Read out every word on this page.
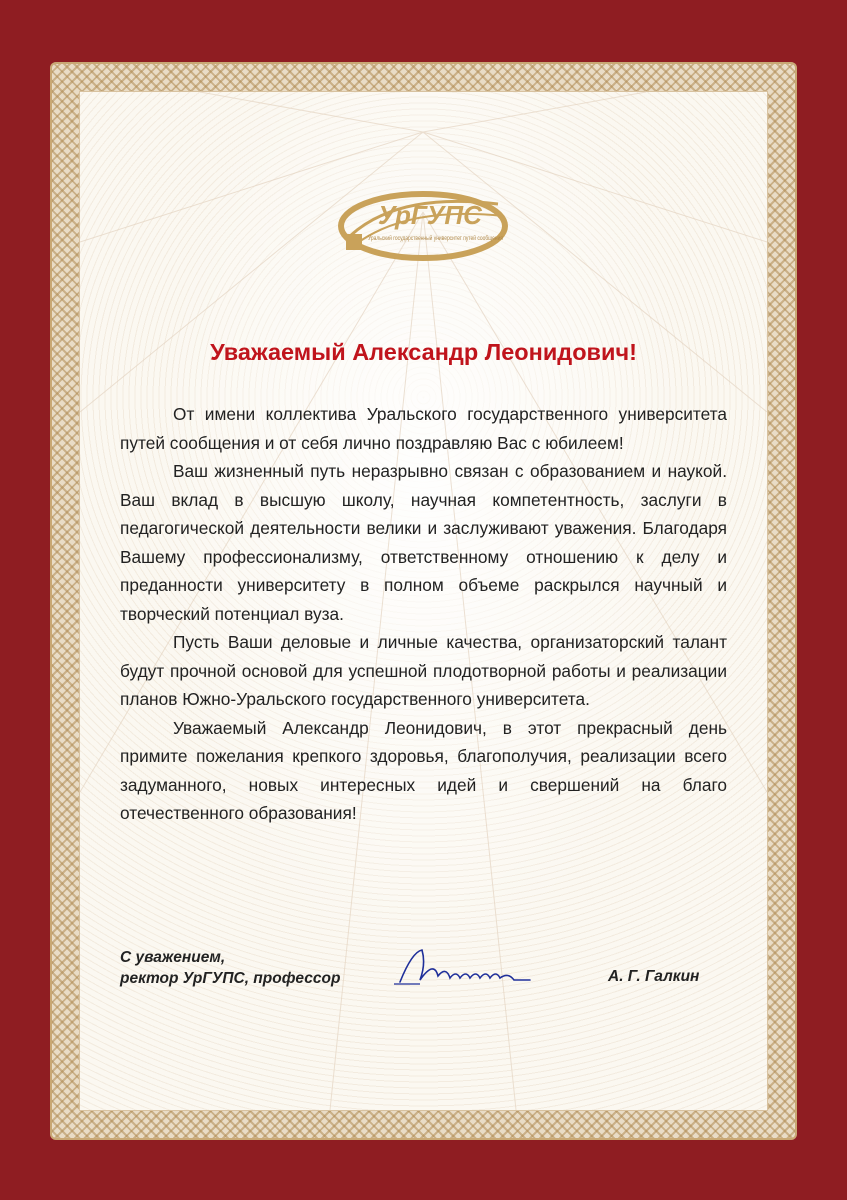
УрГУПС
Уральский государственный университет путей сообщения
Уважаемый Александр Леонидович!

От имени коллектива Уральского государственного университета путей сообщения и от себя лично поздравляю Вас с юбилеем!

Ваш жизненный путь неразрывно связан с образованием и наукой. Ваш вклад в высшую школу, научная компетентность, заслуги в педагогической деятельности велики и заслуживают уважения. Благодаря Вашему профессионализму, ответственному отношению к делу и преданности университету в полном объеме раскрылся научный и творческий потенциал вуза.

Пусть Ваши деловые и личные качества, организаторский талант будут прочной основой для успешной плодотворной работы и реализации планов Южно-Уральского государственного университета.

Уважаемый Александр Леонидович, в этот прекрасный день примите пожелания крепкого здоровья, благополучия, реализации всего задуманного, новых интересных идей и свершений на благо отечественного образования!

С уважением,
ректор УрГУПС, профессор	А. Г. Галкин
